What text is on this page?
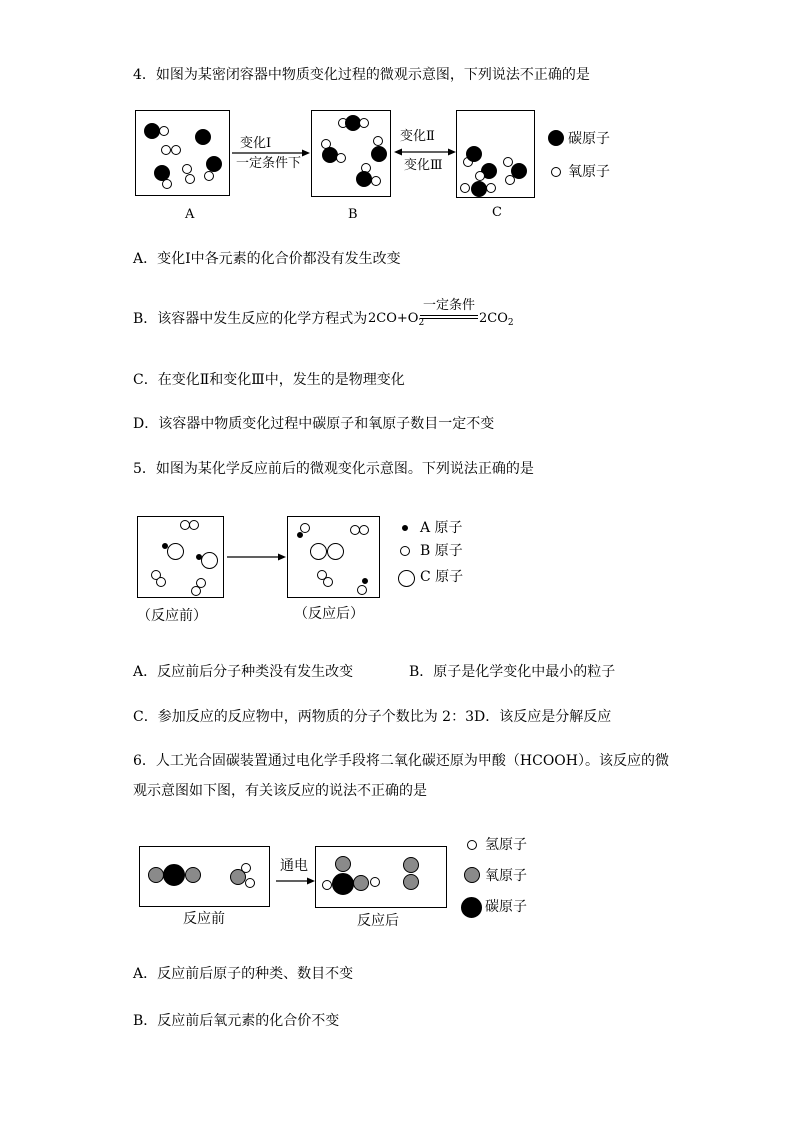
4．如图为某密闭容器中物质变化过程的微观示意图，下列说法不正确的是
A
变化Ⅰ
一定条件下
B
变化Ⅱ
变化Ⅲ
C
碳原子
氧原子
A．变化Ⅰ中各元素的化合价都没有发生改变
B．该容器中发生反应的化学方程式为 $2CO+O_2$
一定条件
$2CO_2$
C．在变化Ⅱ和变化Ⅲ中，发生的是物理变化
D．该容器中物质变化过程中碳原子和氧原子数目一定不变
5．如图为某化学反应前后的微观变化示意图。下列说法正确的是
（反应前）	（反应后）
A 原子
B 原子
C 原子
A．反应前后分子种类没有发生改变	B．原子是化学变化中最小的粒子
C．参加反应的反应物中，两物质的分子个数比为 2：3D．该反应是分解反应
6．人工光合固碳装置通过电化学手段将二氧化碳还原为甲酸（HCOOH）。该反应的微
观示意图如下图，有关该反应的说法不正确的是
反应前
通电
反应后
氢原子
氧原子
碳原子
A．反应前后原子的种类、数目不变
B．反应前后氧元素的化合价不变
